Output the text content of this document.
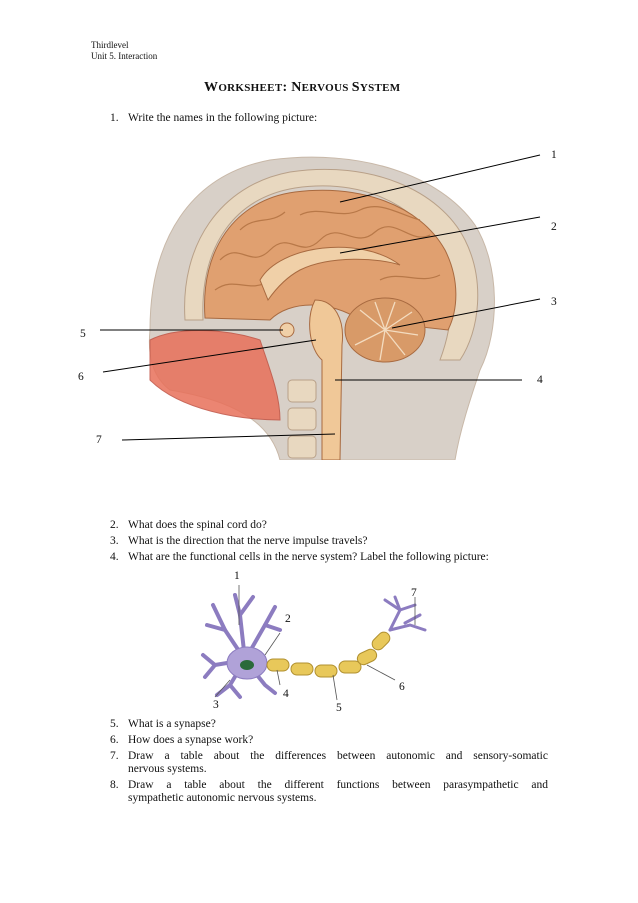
Thirdlevel
Unit 5. Interaction
WORKSHEET: NERVOUS SYSTEM
1. Write the names in the following picture:
1
2
3
4
5
6
7
2. What does the spinal cord do?
3. What is the direction that the nerve impulse travels?
4. What are the functional cells in the nerve system? Label the following picture:
1
2
3
4
5
6
7
5. What is a synapse?
6. How does a synapse work?
7. Draw a table about the differences between autonomic and sensory-somatic
nervous systems.
8. Draw a table about the different functions between parasympathetic and
sympathetic autonomic nervous systems.
